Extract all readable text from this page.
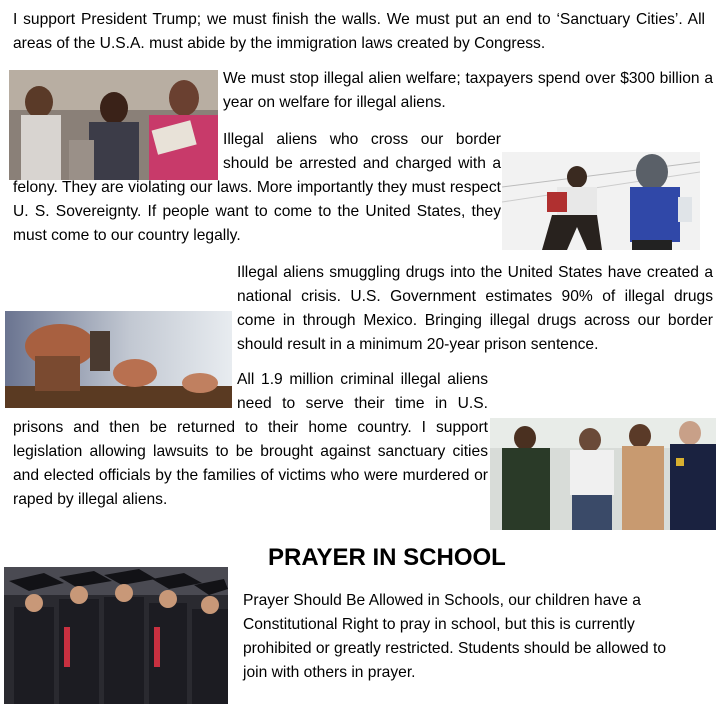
I support President Trump; we must finish the walls. We must put an end to ‘Sanctuary Cities’. All areas of the U.S.A. must abide by the immigration laws created by Congress.

We must stop illegal alien welfare; taxpayers spend over $300 billion a year on welfare for illegal aliens.

Illegal aliens who cross our border should be arrested and charged with a felony. They are violating our laws. More importantly they must respect U. S. Sovereignty. If people want to come to the United States, they must come to our country legally.

Illegal aliens smuggling drugs into the United States have created a national crisis. U.S. Government estimates 90% of illegal drugs come in through Mexico. Bringing illegal drugs across our border should result in a minimum 20-year prison sentence.

All 1.9 million criminal illegal aliens need to serve their time in U.S. prisons and then be returned to their home country. I support legislation allowing lawsuits to be brought against sanctuary cities and elected officials by the families of victims who were murdered or raped by illegal aliens.

PRAYER IN SCHOOL

Prayer Should Be Allowed in Schools, our children have a Constitutional Right to pray in school, but this is currently prohibited or greatly restricted. Students should be allowed to join with others in prayer.
